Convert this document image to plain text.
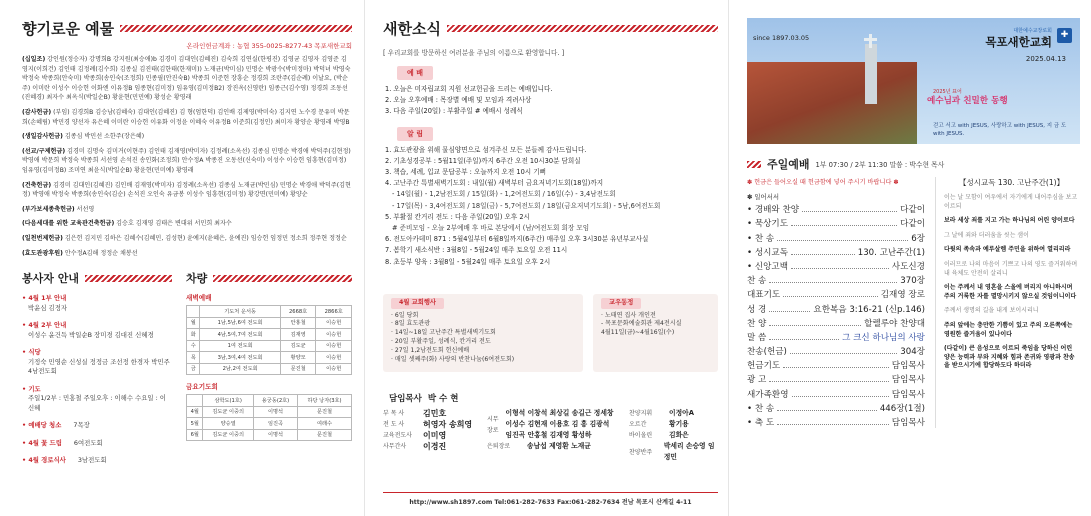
향기로운 예물
온라인헌금계좌 : 농협 355-0025-8277-43 목포새한교회
(십일조) 강인원(정승자) 강명희B 강지원(최승애)b 김경미 김대인(김혜진) 김숙희 김연실(한평진) 김영균 김영자 김영준 김영지(이희건) 김인태 김정례(김수희) 김종실 김진태(김한태(한재미)) 노재균(박미심) 민명순 박광수(박미정마) 박덕녀 박영숙 박정숙 박종희(안숙미) 박종희(송인숙(조정희) 민종필(안진숙B) 박종희 이준헌 장흥순 정경희 조란주(김순례) 이날요, (박순주) 이미란 이성수 이승헌 이화엔 이유정B 임종현(김미정) 임유영(김미정B2) 장진옥(신영란) 임종근(김수영) 정경희 조동선(진혜경) 최자수 최옥식(박일순B) 황윤현(민민예) 황성순 황영래
(감사헌금) (부임) 김경희B 김승남(김혜숙) 김대인(김혜진) 김 형(엄한덕) 김인배 김제영(박미숙) 김지연 노수경 문유미 박문희(손혜림) 박민경 양선자 유은혜 이미란 이승헌 이유화 이정윤 이혜숙 이유정B 이준희(김정인) 최미자 황양순 황영래 박영B
(생일감사헌금) 김종심 박민선 소한주(장은혜)
(선교/구제헌금) 김경미 김명숙 김미거(이현주) 김인태 김재영(박미자) 김정례(소옥선) 김종심 민명순 박경애 박덕주(김현정) 박영애 박문희 박정숙 박종희 서선영 손석진 송인화(조정희) 안수정A 박종진 오동선(신숙미) 이성수 이승헌 임흥현(김미정) 임유영(김미정B) 조미연 최윤식(박일순B) 황윤현(민미예) 황영래
(건축헌금) 김경미 김대인(김혜진) 김인배 김재영(박미자) 김정례(소옥선) 김종심 노재균(박민심) 민명순 박경애 박덕주(김현정) 박영애 박정숙 박종희(송인숙(김순) 손석진 오인숙 유금봉 이성수 임흥현(김미정) 황강면(민미예) 황양순
(부가보세종축헌금) 서선영
(다음세대를 위한 교육관건축헌금) 김승호 김재영 김태은 변대위 서민희 최자수
(일천번제헌금) 김은헌 김지민 김하은 김혜수(김혜민, 김성현) 윤예지(윤혜은, 윤예진) 임승헌 임정민 정소희 정주현 정정순
(효도관광후원) 안수정A김해 정정순 채봉선
봉사자 안내
• 4월 1부 안내
박윤심 김정자
• 4월 2부 안내
이성수 윤건득 박일순B 장미경 김대진 신혜경
• 식당
기정숙 민영순 신성실 정정금 조선정 한경자 박민주 4남전도회
• 기도
주일1/2부 : 민홍철 주일오후 : 이해수 수요일 : 이신혜
• 예배당 청소 7목장
• 4월 꽃 드림 6여전도회
• 4월 경로식사 3남전도회
차량
새벽예배
	기도처 운서동	2668호	2866호
월	1남,5남,6여 전도회	안홍철	이승헌
화	4남,5여,7여 전도회	김재영	이승헌
수	1여 전도회	김도균	이승헌
목	3남,3여,4여 전도회	황양모	이승헌
금	2남,2여 전도회	문진철	이승헌
금요기도회
	삼학도(1호)	용궁동(2호)	하당 낭자(3호)
4월	김도균 이중의	이명석	문진철
5월	양승열	임진곡	여래수
6월	김도균 이중의	이명석	문진철
새한소식
[ 우리교회를 방문하신 여러분을 주님의 이름으로 환영합니다. ]
예 배
1. 오늘은 미자립교회 지원 선교헌금을 드리는 예배입니다.
2. 오늘 오후예배 : 목장별 예배 및 모임과 격려사상
3. 다음 주일(20일) : 부활주일 # 예배시 성례식
알 림
1. 효도관광을 위해 물심양면으로 섬겨주신 모든 분들께 감사드립니다.
2. 기초성경공부 : 5월11일(주일)까지 6주간 오전 10시30분 담희실
3. 책습, 세례, 입교 문답공부 : 오늘까지 오전 10시 기뻐
4. 고난주간 특별새벽기도회 : 내일(월) 새벽부터 금요저녁기도회(18일)까지
- 14일(월) - 1,2남전도회 / 15일(화) - 1,2여전도회 / 16일(수) - 3,4남전도회
- 17일(목) - 3,4여전도회 / 18일(금) - 5,7여전도회 / 18일(금요저녁기도회) - 5남,6여전도회
5. 부활절 칸거리 전도 : 다음 주일(20일) 오후 2시
# 준비모임 - 오늘 2부예배 후 바로 본당에서 (남/여전도회 회장 모임
6. 전도아카데미 871 : 5월4일부터 6월8일까지(6주간) 매주일 오후 3시30분 유년부교사실
7. 봄학기 새소식반 : 3월8일 - 5월24일 매주 토요일 오전 11시
8. 초등부 양육 : 3월8일 - 5월24일 매주 토요일 오후 2시
4월 교회행사
· 6일 당회
· 8일 효도관광
· 14일~18일 고난주간 특별새벽기도회
· 20일 부활주일, 성례식, 칸거리 전도
· 27일 1,2남전도회 헌신예배
· 매일 셋째주(화) 사랑의 반찬나눔(6여전도회)
교우동정
· 노태연 집사 개인전
- 목포문화예술회관 제4전시실
4월11일(금)~4월16일(수)
담임목사 박 수 현
부 목 사	김민호
전 도 사	허영자 송희영
교육전도사	이미영
사무간사	이경진
시무장로
이형석 이창석 최상길 송길근 정세창 이성수 김현재 이용호 김 흥 김광석 임진곡 안홍철 김재영 황성하
은퇴장로	송남섭 제영환 노재균
찬양지휘	이정아A
오르간	황기용
바이올린	김화은
찬양반주
박세리 손승영 임정민
http://www.sh1897.com Tel:061-282-7633 Fax:061-282-7634 전남 목포시 산계길 4-11
since 1897.03.05	✚
대한예수교장로회
목포새한교회
2025.04.13
2025년 표어
예수님과 친밀한 동행
걷고 서고 with JESUS, 사랑하고 with JESUS, 지 금 도 with JESUS.
주일예배 1부 07:30 / 2부 11:30 말씀 : 박수현 목사
✽ 헌금은 들어오실 때 헌금함에 넣어 주시기 바랍니다 ✽
✽ 일어서서
• 경배와 찬양	다같이
• 묵상기도	다같이
• 찬 송	6장
• 성시교독	130. 고난주간(1)
• 신앙고백	사도신경
찬 송	370장
대표기도	김재영 장로
성 경	요한복음 3:16-21 (신p.146)
찬 양	할렐루야 찬양대
말 씀	그 크신 하나님의 사랑
찬송(헌금)	304장
헌금기도	담임목사
광 고	담임목사
새가족환영	담임목사
• 찬 송	446장(1절)
• 축 도	담임목사
【성시교독 130. 고난주간(1)】
이는 날 모함이 여우에서 자기에게 내어주심을 보고 이르되
보라 세상 죄를 지고 가는 하나님의 어린 양이로다
그 날에 죄와 더러움을 씻는 샘이
다윗의 족속과 예루살렘 주민을 위하여 열리리라
이러므로 나의 마음이 기쁘고 나의 영도 즐거워하며 내 육체도 안전히 살리니
이는 주께서 내 영혼을 스올에 버리지 아니하시며 주의 거룩한 자를 멸망시키지 않으실 것임이니이다
주께서 생명의 길을 내게 보이시리니
주의 앞에는 충만한 기쁨이 있고 주의 오른쪽에는 영원한 즐거움이 있나이다
(다같이) 큰 음성으로 이르되 죽임을 당하신 어린 양은 능력과 부와 지혜와 힘과 존귀와 영광과 찬송을 받으시기에 합당하도다 하더라
